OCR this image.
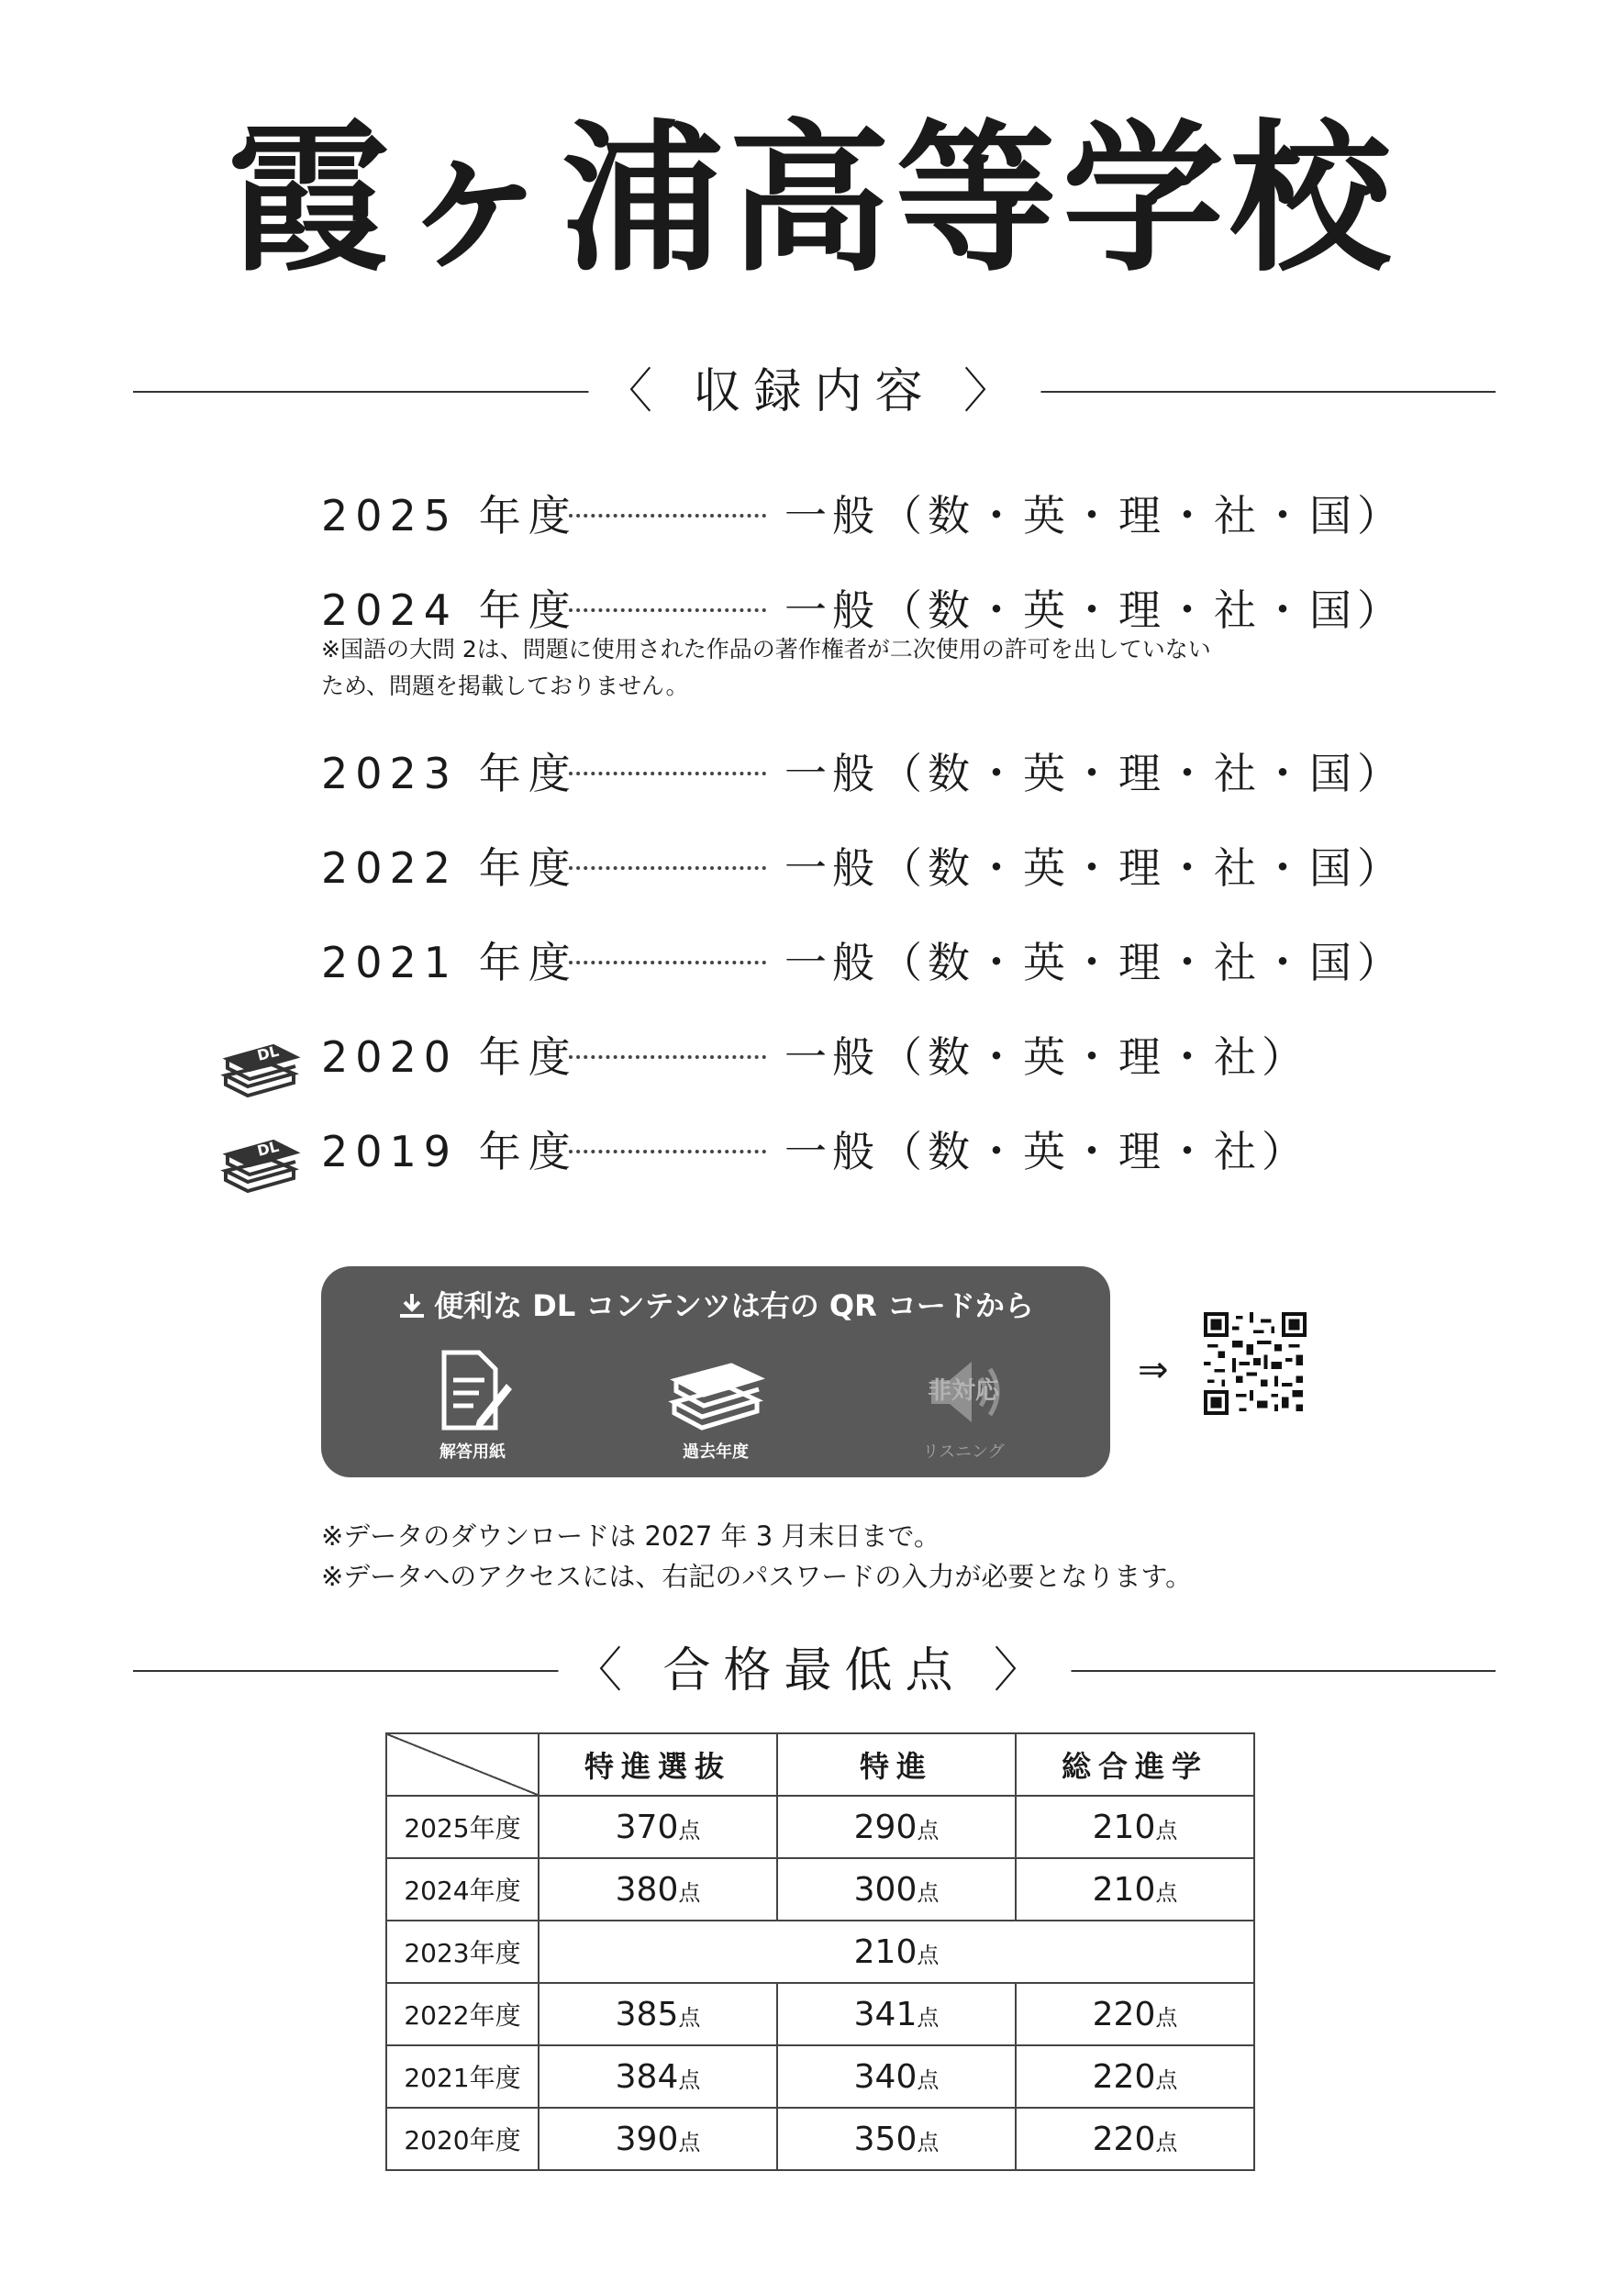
霞ヶ浦高等学校
〈 収録内容 〉
2025 年度	一般（数・英・理・社・国）
2024 年度	一般（数・英・理・社・国）
※国語の大問 2は、問題に使用された作品の著作権者が二次使用の許可を出していない
ため、問題を掲載しておりません。
2023 年度	一般（数・英・理・社・国）
2022 年度	一般（数・英・理・社・国）
2021 年度	一般（数・英・理・社・国）
2020 年度	一般（数・英・理・社）
2019 年度	一般（数・英・理・社）
DL
DL
便利な DL コンテンツは右の QR コードから
解答用紙	過去年度
非対応
リスニング
⇒
※データのダウンロードは 2027 年 3 月末日まで。
※データへのアクセスには、右記のパスワードの入力が必要となります。
〈 合格最低点 〉
	特進選抜	特進	総合進学
2025年度	370点	290点	210点
2024年度	380点	300点	210点
2023年度	210点		
2022年度	385点	341点	220点
2021年度	384点	340点	220点
2020年度	390点	350点	220点
